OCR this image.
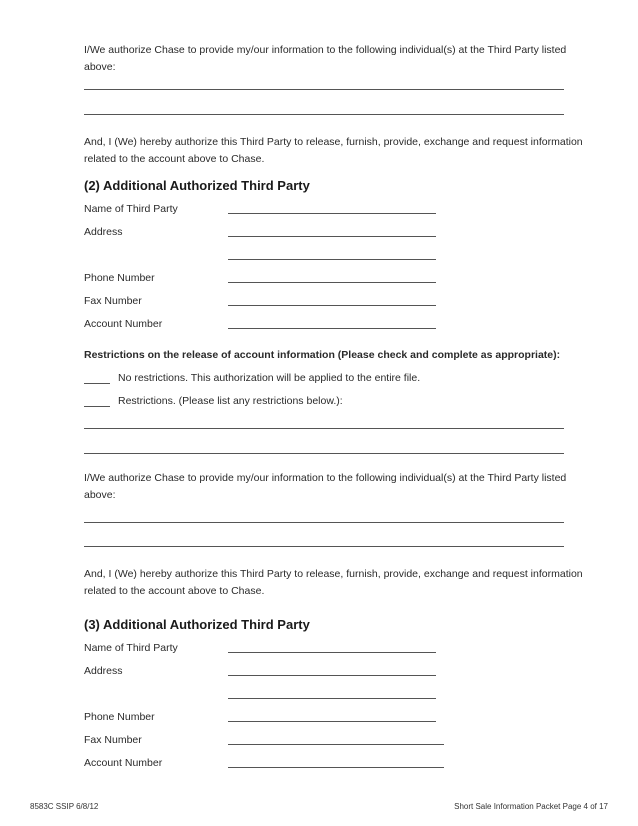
I/We authorize Chase to provide my/our information to the following individual(s) at the Third Party listed above:
And, I (We) hereby authorize this Third Party to release, furnish, provide, exchange and request information related to the account above to Chase.
(2) Additional Authorized Third Party
Name of Third Party
Address
Phone Number
Fax Number
Account Number
Restrictions on the release of account information (Please check and complete as appropriate):
No restrictions. This authorization will be applied to the entire file.
Restrictions. (Please list any restrictions below.):
I/We authorize Chase to provide my/our information to the following individual(s) at the Third Party listed above:
And, I (We) hereby authorize this Third Party to release, furnish, provide, exchange and request information related to the account above to Chase.
(3) Additional Authorized Third Party
Name of Third Party
Address
Phone Number
Fax Number
Account Number
8583C SSIP 6/8/12	Short Sale Information Packet Page 4 of 17
